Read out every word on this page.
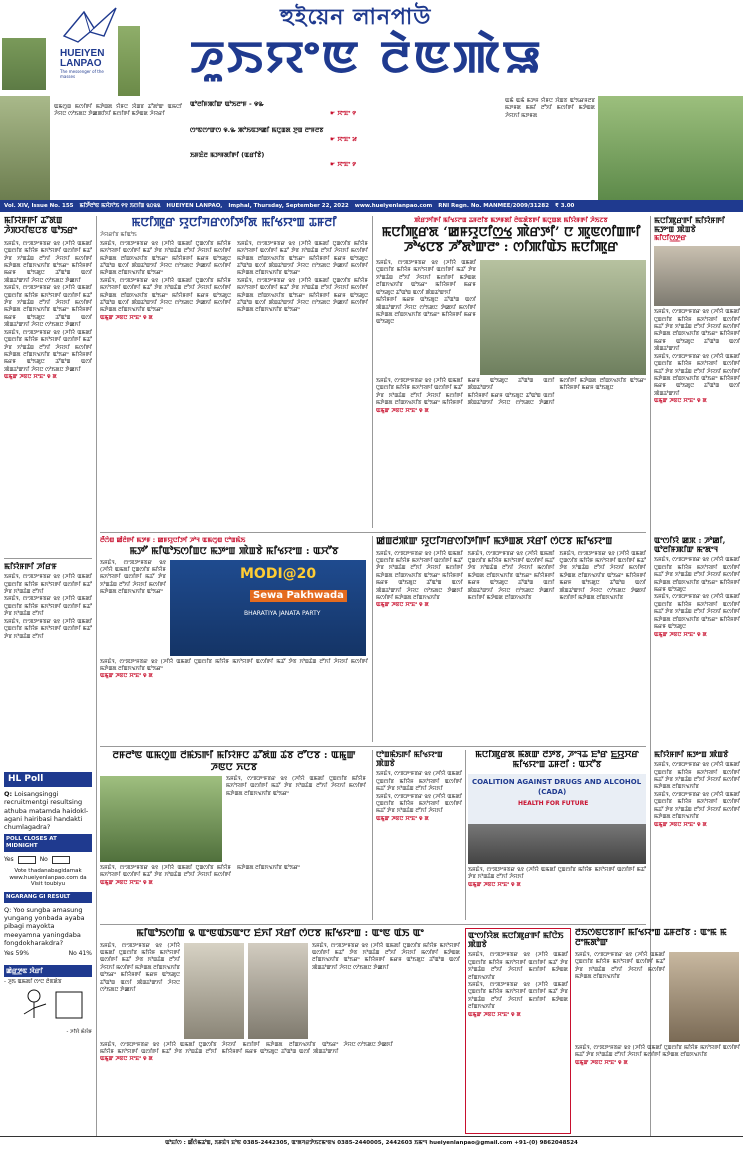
HUEIYEN
LANPAO
The messenger of the masses
হুইয়েন লানপাউ
ꯍꯨꯏꯌꯦꯟ ꯂꯥꯟꯄꯥꯎ
ꯑꯃꯁꯨꯡ ꯃꯁꯤꯒꯤ ꯃꯇꯥꯡꯗ ꯌꯥꯝꯅ ꯋꯥꯡꯕ ꯊꯧꯗꯣꯛ ꯑꯃꯅꯤ ꯍꯥꯌꯅ ꯁꯣꯏꯗꯅ ꯇꯥꯀꯄꯤꯈꯤ ꯃꯁꯤꯒꯤ ꯃꯇꯥꯡꯗ ꯍꯥꯌꯔꯤ
ꯑꯣꯂꯤꯝꯄꯤꯛ ꯑꯣꯏꯂꯦꯝ - ꯶꯳
☛ ꯆꯦꯐꯦ ꯵
ꯁꯦꯟꯁꯦꯛꯁ ꯶.꯳ ꯄꯣꯏꯟꯇꯀꯤ ꯃꯅꯨꯡꯗ ꯇꯨꯡ ꯂꯦꯝꯂꯕ
☛ ꯆꯦꯐꯦ ꯷
ꯏꯝꯐꯥꯂ ꯃꯇꯝꯗꯤꯒꯤ (ꯑꯔꯤꯕꯥ)
☛ ꯆꯦꯐꯦ ꯸
ꯑꯃꯥ ꯑꯃꯥ ꯃꯇꯝ ꯌꯥꯝꯅ ꯋꯥꯡꯕ ꯑꯣꯏꯔꯝꯂꯕ ꯃꯇꯝꯗ ꯃꯃꯤ ꯂꯧꯈꯤ ꯃꯁꯤꯒꯤ ꯃꯇꯥꯡꯗ ꯍꯥꯌꯈꯤ ꯃꯇꯝꯗ
Vol. XIV, Issue No. 155 ꯃꯤꯇꯩꯂꯣꯟ ꯃꯆꯥꯈꯣꯏ ꯵꯱ ꯏꯁꯤꯡ ꯲꯰꯲꯲ HUEIYEN LANPAO, Imphal, Thursday, September 22, 2022 www.hueiyenlanpao.com RNI Regn. No. MANMEE/2009/31282 ₹ 3.00
ꯃꯤꯌꯥꯝꯒꯤ ꯊꯧꯗꯥꯡ ꯍꯥꯞꯆꯤꯟꯅꯕ ꯑꯣꯏꯔꯦ
ꯏꯝꯐꯥꯜ, ꯁꯦꯞꯇꯦꯝꯕꯔ ꯲꯱ (ꯍꯤꯌꯥ ꯑꯃꯗꯤ ꯅꯨꯡꯁꯤꯕ ꯃꯤꯌꯥꯝ ꯃꯈꯣꯌꯒꯤ ꯑꯁꯤꯒꯤ ꯃꯊꯧ ꯇꯥꯕ ꯈꯣꯡꯊꯥꯡ ꯂꯧꯈꯤ ꯍꯥꯌꯈꯤ ꯃꯁꯤꯒꯤ ꯃꯇꯥꯡꯗ ꯂꯤꯡꯈꯠꯈꯤꯕ ꯑꯣꯏꯔꯦ ꯃꯤꯌꯥꯝꯒꯤ ꯃꯔꯝ ꯑꯣꯏꯗꯨꯅ ꯊꯧꯑꯣꯡ ꯑꯁꯤ ꯄꯥꯡꯊꯣꯛꯈꯤ ꯍꯥꯌꯅ ꯁꯣꯏꯗꯅ ꯇꯥꯀꯈꯤ
ꯏꯝꯐꯥꯜ, ꯁꯦꯞꯇꯦꯝꯕꯔ ꯲꯱ (ꯍꯤꯌꯥ ꯑꯃꯗꯤ ꯅꯨꯡꯁꯤꯕ ꯃꯤꯌꯥꯝ ꯃꯈꯣꯌꯒꯤ ꯑꯁꯤꯒꯤ ꯃꯊꯧ ꯇꯥꯕ ꯈꯣꯡꯊꯥꯡ ꯂꯧꯈꯤ ꯍꯥꯌꯈꯤ ꯃꯁꯤꯒꯤ ꯃꯇꯥꯡꯗ ꯂꯤꯡꯈꯠꯈꯤꯕ ꯑꯣꯏꯔꯦ ꯃꯤꯌꯥꯝꯒꯤ ꯃꯔꯝ ꯑꯣꯏꯗꯨꯅ ꯊꯧꯑꯣꯡ ꯑꯁꯤ ꯄꯥꯡꯊꯣꯛꯈꯤ ꯍꯥꯌꯅ ꯁꯣꯏꯗꯅ ꯇꯥꯀꯈꯤ
ꯏꯝꯐꯥꯜ, ꯁꯦꯞꯇꯦꯝꯕꯔ ꯲꯱ (ꯍꯤꯌꯥ ꯑꯃꯗꯤ ꯅꯨꯡꯁꯤꯕ ꯃꯤꯌꯥꯝ ꯃꯈꯣꯌꯒꯤ ꯑꯁꯤꯒꯤ ꯃꯊꯧ ꯇꯥꯕ ꯈꯣꯡꯊꯥꯡ ꯂꯧꯈꯤ ꯍꯥꯌꯈꯤ ꯃꯁꯤꯒꯤ ꯃꯇꯥꯡꯗ ꯂꯤꯡꯈꯠꯈꯤꯕ ꯑꯣꯏꯔꯦ ꯃꯤꯌꯥꯝꯒꯤ ꯃꯔꯝ ꯑꯣꯏꯗꯨꯅ ꯊꯧꯑꯣꯡ ꯑꯁꯤ ꯄꯥꯡꯊꯣꯛꯈꯤ ꯍꯥꯌꯅ ꯁꯣꯏꯗꯅ ꯇꯥꯀꯈꯤ
ꯑꯃꯨꯛ ꯍꯟꯅ ꯆꯦꯐꯦ ꯶ ꯗ
ꯃꯤꯌꯥꯝꯒꯤ ꯍꯤꯔꯝ
ꯏꯝꯐꯥꯜ, ꯁꯦꯞꯇꯦꯝꯕꯔ ꯲꯱ (ꯍꯤꯌꯥ ꯑꯃꯗꯤ ꯅꯨꯡꯁꯤꯕ ꯃꯤꯌꯥꯝ ꯃꯈꯣꯌꯒꯤ ꯑꯁꯤꯒꯤ ꯃꯊꯧ ꯇꯥꯕ ꯈꯣꯡꯊꯥꯡ ꯂꯧꯈꯤ
ꯏꯝꯐꯥꯜ, ꯁꯦꯞꯇꯦꯝꯕꯔ ꯲꯱ (ꯍꯤꯌꯥ ꯑꯃꯗꯤ ꯅꯨꯡꯁꯤꯕ ꯃꯤꯌꯥꯝ ꯃꯈꯣꯌꯒꯤ ꯑꯁꯤꯒꯤ ꯃꯊꯧ ꯇꯥꯕ ꯈꯣꯡꯊꯥꯡ ꯂꯧꯈꯤ
ꯏꯝꯐꯥꯜ, ꯁꯦꯞꯇꯦꯝꯕꯔ ꯲꯱ (ꯍꯤꯌꯥ ꯑꯃꯗꯤ ꯅꯨꯡꯁꯤꯕ ꯃꯤꯌꯥꯝ ꯃꯈꯣꯌꯒꯤ ꯑꯁꯤꯒꯤ ꯃꯊꯧ ꯇꯥꯕ ꯈꯣꯡꯊꯥꯡ ꯂꯧꯈꯤ
HL Poll
Q: Loisangsinggi recruitmentgi resultsing athuba matamda haidoklagani hairibasi handakti chumlagadra?
POLL CLOSES AT MIDNIGHT
Yes	No
Vote thadanabagidamak www.hueiyenlanpao.com da Visit toubiyu
NGARANG GI RESULT
Q: Yoo sungba amasung yungang yonbada ayaba pibagi mayokta meeyamna yaningdaba fongdokharakdra?
Yes 59%	No 41%
ꯀꯥꯔ꯭ꯇꯨꯟ ꯋꯥꯔꯤ
- ꯍꯨꯏ ꯑꯃꯗꯤ ꯁꯦꯅ ꯂꯥꯟꯗꯥꯕ
- ꯍꯤꯌꯥ ꯃꯥꯌꯥꯝ
ꯃꯅꯤꯄꯨꯔ ꯌꯨꯅꯤꯚꯔꯁꯤꯇꯤꯗ ꯃꯤꯠꯌꯦꯡ ꯊꯝꯂꯤ
ꯍꯥꯌꯔꯤꯕ ꯃꯤꯑꯣꯏ
ꯏꯝꯐꯥꯜ, ꯁꯦꯞꯇꯦꯝꯕꯔ ꯲꯱ (ꯍꯤꯌꯥ ꯑꯃꯗꯤ ꯅꯨꯡꯁꯤꯕ ꯃꯤꯌꯥꯝ ꯃꯈꯣꯌꯒꯤ ꯑꯁꯤꯒꯤ ꯃꯊꯧ ꯇꯥꯕ ꯈꯣꯡꯊꯥꯡ ꯂꯧꯈꯤ ꯍꯥꯌꯈꯤ ꯃꯁꯤꯒꯤ ꯃꯇꯥꯡꯗ ꯂꯤꯡꯈꯠꯈꯤꯕ ꯑꯣꯏꯔꯦ ꯃꯤꯌꯥꯝꯒꯤ ꯃꯔꯝ ꯑꯣꯏꯗꯨꯅ ꯊꯧꯑꯣꯡ ꯑꯁꯤ ꯄꯥꯡꯊꯣꯛꯈꯤ ꯍꯥꯌꯅ ꯁꯣꯏꯗꯅ ꯇꯥꯀꯈꯤ ꯃꯁꯤꯒꯤ ꯃꯇꯥꯡꯗ ꯂꯤꯡꯈꯠꯈꯤꯕ ꯑꯣꯏꯔꯦ
ꯏꯝꯐꯥꯜ, ꯁꯦꯞꯇꯦꯝꯕꯔ ꯲꯱ (ꯍꯤꯌꯥ ꯑꯃꯗꯤ ꯅꯨꯡꯁꯤꯕ ꯃꯤꯌꯥꯝ ꯃꯈꯣꯌꯒꯤ ꯑꯁꯤꯒꯤ ꯃꯊꯧ ꯇꯥꯕ ꯈꯣꯡꯊꯥꯡ ꯂꯧꯈꯤ ꯍꯥꯌꯈꯤ ꯃꯁꯤꯒꯤ ꯃꯇꯥꯡꯗ ꯂꯤꯡꯈꯠꯈꯤꯕ ꯑꯣꯏꯔꯦ ꯃꯤꯌꯥꯝꯒꯤ ꯃꯔꯝ ꯑꯣꯏꯗꯨꯅ ꯊꯧꯑꯣꯡ ꯑꯁꯤ ꯄꯥꯡꯊꯣꯛꯈꯤ ꯍꯥꯌꯅ ꯁꯣꯏꯗꯅ ꯇꯥꯀꯈꯤ ꯃꯁꯤꯒꯤ ꯃꯇꯥꯡꯗ ꯂꯤꯡꯈꯠꯈꯤꯕ ꯑꯣꯏꯔꯦ
ꯏꯝꯐꯥꯜ, ꯁꯦꯞꯇꯦꯝꯕꯔ ꯲꯱ (ꯍꯤꯌꯥ ꯑꯃꯗꯤ ꯅꯨꯡꯁꯤꯕ ꯃꯤꯌꯥꯝ ꯃꯈꯣꯌꯒꯤ ꯑꯁꯤꯒꯤ ꯃꯊꯧ ꯇꯥꯕ ꯈꯣꯡꯊꯥꯡ ꯂꯧꯈꯤ ꯍꯥꯌꯈꯤ ꯃꯁꯤꯒꯤ ꯃꯇꯥꯡꯗ ꯂꯤꯡꯈꯠꯈꯤꯕ ꯑꯣꯏꯔꯦ ꯃꯤꯌꯥꯝꯒꯤ ꯃꯔꯝ ꯑꯣꯏꯗꯨꯅ ꯊꯧꯑꯣꯡ ꯑꯁꯤ ꯄꯥꯡꯊꯣꯛꯈꯤ ꯍꯥꯌꯅ ꯁꯣꯏꯗꯅ ꯇꯥꯀꯈꯤ ꯃꯁꯤꯒꯤ ꯃꯇꯥꯡꯗ ꯂꯤꯡꯈꯠꯈꯤꯕ ꯑꯣꯏꯔꯦ
ꯏꯝꯐꯥꯜ, ꯁꯦꯞꯇꯦꯝꯕꯔ ꯲꯱ (ꯍꯤꯌꯥ ꯑꯃꯗꯤ ꯅꯨꯡꯁꯤꯕ ꯃꯤꯌꯥꯝ ꯃꯈꯣꯌꯒꯤ ꯑꯁꯤꯒꯤ ꯃꯊꯧ ꯇꯥꯕ ꯈꯣꯡꯊꯥꯡ ꯂꯧꯈꯤ ꯍꯥꯌꯈꯤ ꯃꯁꯤꯒꯤ ꯃꯇꯥꯡꯗ ꯂꯤꯡꯈꯠꯈꯤꯕ ꯑꯣꯏꯔꯦ ꯃꯤꯌꯥꯝꯒꯤ ꯃꯔꯝ ꯑꯣꯏꯗꯨꯅ ꯊꯧꯑꯣꯡ ꯑꯁꯤ ꯄꯥꯡꯊꯣꯛꯈꯤ ꯍꯥꯌꯅ ꯁꯣꯏꯗꯅ ꯇꯥꯀꯈꯤ ꯃꯁꯤꯒꯤ ꯃꯇꯥꯡꯗ ꯂꯤꯡꯈꯠꯈꯤꯕ ꯑꯣꯏꯔꯦ
ꯑꯃꯨꯛ ꯍꯟꯅ ꯆꯦꯐꯦ ꯶ ꯗ
ꯄꯥꯔꯇꯤꯒꯤ ꯃꯤꯠꯌꯦꯡ ꯊꯝꯂꯤꯕ ꯃꯇꯝꯗꯤ ꯂꯥꯟꯗꯥꯕꯒꯤ ꯃꯅꯨꯡꯗ ꯃꯤꯌꯥꯝꯒꯤ ꯍꯥꯏꯖꯕ
ꯃꯅꯤꯄꯨꯔꯗ ‘ꯀꯝꯌꯨꯅꯤꯁ꯭ꯠ ꯄꯥꯔꯇꯤ’ ꯅ ꯄꯨꯟꯁꯤꯡꯒꯤ ꯍꯣꯠꯅꯕ ꯍꯧꯗꯣꯛꯂꯦ : ꯁꯤꯄꯤꯑꯥꯏ ꯃꯅꯤꯄꯨꯔ
ꯏꯝꯐꯥꯜ, ꯁꯦꯞꯇꯦꯝꯕꯔ ꯲꯱ (ꯍꯤꯌꯥ ꯑꯃꯗꯤ ꯅꯨꯡꯁꯤꯕ ꯃꯤꯌꯥꯝ ꯃꯈꯣꯌꯒꯤ ꯑꯁꯤꯒꯤ ꯃꯊꯧ ꯇꯥꯕ ꯈꯣꯡꯊꯥꯡ ꯂꯧꯈꯤ ꯍꯥꯌꯈꯤ ꯃꯁꯤꯒꯤ ꯃꯇꯥꯡꯗ ꯂꯤꯡꯈꯠꯈꯤꯕ ꯑꯣꯏꯔꯦ ꯃꯤꯌꯥꯝꯒꯤ ꯃꯔꯝ ꯑꯣꯏꯗꯨꯅ ꯊꯧꯑꯣꯡ ꯑꯁꯤ ꯄꯥꯡꯊꯣꯛꯈꯤ
ꯃꯤꯌꯥꯝꯒꯤ ꯃꯔꯝ ꯑꯣꯏꯗꯨꯅ ꯊꯧꯑꯣꯡ ꯑꯁꯤ ꯄꯥꯡꯊꯣꯛꯈꯤ ꯍꯥꯌꯅ ꯁꯣꯏꯗꯅ ꯇꯥꯀꯈꯤ ꯃꯁꯤꯒꯤ ꯃꯇꯥꯡꯗ ꯂꯤꯡꯈꯠꯈꯤꯕ ꯑꯣꯏꯔꯦ ꯃꯤꯌꯥꯝꯒꯤ ꯃꯔꯝ ꯑꯣꯏꯗꯨꯅ
ꯏꯝꯐꯥꯜ, ꯁꯦꯞꯇꯦꯝꯕꯔ ꯲꯱ (ꯍꯤꯌꯥ ꯑꯃꯗꯤ ꯅꯨꯡꯁꯤꯕ ꯃꯤꯌꯥꯝ ꯃꯈꯣꯌꯒꯤ ꯑꯁꯤꯒꯤ ꯃꯊꯧ ꯇꯥꯕ ꯈꯣꯡꯊꯥꯡ ꯂꯧꯈꯤ ꯍꯥꯌꯈꯤ ꯃꯁꯤꯒꯤ ꯃꯇꯥꯡꯗ ꯂꯤꯡꯈꯠꯈꯤꯕ ꯑꯣꯏꯔꯦ ꯃꯤꯌꯥꯝꯒꯤ ꯃꯔꯝ ꯑꯣꯏꯗꯨꯅ ꯊꯧꯑꯣꯡ ꯑꯁꯤ ꯄꯥꯡꯊꯣꯛꯈꯤ
ꯃꯤꯌꯥꯝꯒꯤ ꯃꯔꯝ ꯑꯣꯏꯗꯨꯅ ꯊꯧꯑꯣꯡ ꯑꯁꯤ ꯄꯥꯡꯊꯣꯛꯈꯤ ꯍꯥꯌꯅ ꯁꯣꯏꯗꯅ ꯇꯥꯀꯈꯤ ꯃꯁꯤꯒꯤ ꯃꯇꯥꯡꯗ ꯂꯤꯡꯈꯠꯈꯤꯕ ꯑꯣꯏꯔꯦ ꯃꯤꯌꯥꯝꯒꯤ ꯃꯔꯝ ꯑꯣꯏꯗꯨꯅ
ꯑꯃꯨꯛ ꯍꯟꯅ ꯆꯦꯐꯦ ꯶ ꯗ
ꯃꯅꯤꯄꯨꯔꯒꯤ ꯃꯤꯌꯥꯝꯒꯤ ꯃꯇꯦꯡ ꯄꯥꯡꯕꯥ
ꯃꯤꯅꯤꯁ꯭ꯇꯔ
ꯏꯝꯐꯥꯜ, ꯁꯦꯞꯇꯦꯝꯕꯔ ꯲꯱ (ꯍꯤꯌꯥ ꯑꯃꯗꯤ ꯅꯨꯡꯁꯤꯕ ꯃꯤꯌꯥꯝ ꯃꯈꯣꯌꯒꯤ ꯑꯁꯤꯒꯤ ꯃꯊꯧ ꯇꯥꯕ ꯈꯣꯡꯊꯥꯡ ꯂꯧꯈꯤ ꯍꯥꯌꯈꯤ ꯃꯁꯤꯒꯤ ꯃꯇꯥꯡꯗ ꯂꯤꯡꯈꯠꯈꯤꯕ ꯑꯣꯏꯔꯦ ꯃꯤꯌꯥꯝꯒꯤ ꯃꯔꯝ ꯑꯣꯏꯗꯨꯅ ꯊꯧꯑꯣꯡ ꯑꯁꯤ ꯄꯥꯡꯊꯣꯛꯈꯤ
ꯏꯝꯐꯥꯜ, ꯁꯦꯞꯇꯦꯝꯕꯔ ꯲꯱ (ꯍꯤꯌꯥ ꯑꯃꯗꯤ ꯅꯨꯡꯁꯤꯕ ꯃꯤꯌꯥꯝ ꯃꯈꯣꯌꯒꯤ ꯑꯁꯤꯒꯤ ꯃꯊꯧ ꯇꯥꯕ ꯈꯣꯡꯊꯥꯡ ꯂꯧꯈꯤ ꯍꯥꯌꯈꯤ ꯃꯁꯤꯒꯤ ꯃꯇꯥꯡꯗ ꯂꯤꯡꯈꯠꯈꯤꯕ ꯑꯣꯏꯔꯦ ꯃꯤꯌꯥꯝꯒꯤ ꯃꯔꯝ ꯑꯣꯏꯗꯨꯅ ꯊꯧꯑꯣꯡ ꯑꯁꯤ ꯄꯥꯡꯊꯣꯛꯈꯤ
ꯑꯃꯨꯛ ꯍꯟꯅ ꯆꯦꯐꯦ ꯶ ꯗ
ꯂꯩꯁꯥꯡ ꯀꯪꯂꯥꯒꯤ ꯃꯇꯝ : ꯀꯝꯌꯨꯅꯤꯇꯤ ꯍꯣꯜ ꯑꯃꯁꯨꯡ ꯅꯣꯡꯃꯥꯏ
ꯃꯇꯧ ꯃꯤꯑꯣꯏꯁꯤꯡꯅ ꯃꯇꯦꯡ ꯄꯥꯡꯕꯥ ꯃꯤꯠꯌꯦꯡ : ꯑꯆꯧꯕ
ꯏꯝꯐꯥꯜ, ꯁꯦꯞꯇꯦꯝꯕꯔ ꯲꯱ (ꯍꯤꯌꯥ ꯑꯃꯗꯤ ꯅꯨꯡꯁꯤꯕ ꯃꯤꯌꯥꯝ ꯃꯈꯣꯌꯒꯤ ꯑꯁꯤꯒꯤ ꯃꯊꯧ ꯇꯥꯕ ꯈꯣꯡꯊꯥꯡ ꯂꯧꯈꯤ ꯍꯥꯌꯈꯤ ꯃꯁꯤꯒꯤ ꯃꯇꯥꯡꯗ ꯂꯤꯡꯈꯠꯈꯤꯕ ꯑꯣꯏꯔꯦ
MODI@20
Sewa Pakhwada
BHARATIYA JANATA PARTY
ꯏꯝꯐꯥꯜ, ꯁꯦꯞꯇꯦꯝꯕꯔ ꯲꯱ (ꯍꯤꯌꯥ ꯑꯃꯗꯤ ꯅꯨꯡꯁꯤꯕ ꯃꯤꯌꯥꯝ ꯃꯈꯣꯌꯒꯤ ꯑꯁꯤꯒꯤ ꯃꯊꯧ ꯇꯥꯕ ꯈꯣꯡꯊꯥꯡ ꯂꯧꯈꯤ ꯍꯥꯌꯈꯤ ꯃꯁꯤꯒꯤ ꯃꯇꯥꯡꯗ ꯂꯤꯡꯈꯠꯈꯤꯕ ꯑꯣꯏꯔꯦ
ꯑꯃꯨꯛ ꯍꯟꯅ ꯆꯦꯐꯦ ꯶ ꯗ
ꯀꯥꯡꯂꯩꯄꯥꯛ ꯌꯨꯅꯤꯚꯔꯁꯤꯇꯤꯒꯤ ꯃꯇꯥꯡꯗ ꯋꯥꯔꯤ ꯁꯥꯅꯕ ꯃꯤꯠꯌꯦꯡ
ꯏꯝꯐꯥꯜ, ꯁꯦꯞꯇꯦꯝꯕꯔ ꯲꯱ (ꯍꯤꯌꯥ ꯑꯃꯗꯤ ꯅꯨꯡꯁꯤꯕ ꯃꯤꯌꯥꯝ ꯃꯈꯣꯌꯒꯤ ꯑꯁꯤꯒꯤ ꯃꯊꯧ ꯇꯥꯕ ꯈꯣꯡꯊꯥꯡ ꯂꯧꯈꯤ ꯍꯥꯌꯈꯤ ꯃꯁꯤꯒꯤ ꯃꯇꯥꯡꯗ ꯂꯤꯡꯈꯠꯈꯤꯕ ꯑꯣꯏꯔꯦ ꯃꯤꯌꯥꯝꯒꯤ ꯃꯔꯝ ꯑꯣꯏꯗꯨꯅ ꯊꯧꯑꯣꯡ ꯑꯁꯤ ꯄꯥꯡꯊꯣꯛꯈꯤ ꯍꯥꯌꯅ ꯁꯣꯏꯗꯅ ꯇꯥꯀꯈꯤ ꯃꯁꯤꯒꯤ ꯃꯇꯥꯡꯗ ꯂꯤꯡꯈꯠꯈꯤꯕ
ꯏꯝꯐꯥꯜ, ꯁꯦꯞꯇꯦꯝꯕꯔ ꯲꯱ (ꯍꯤꯌꯥ ꯑꯃꯗꯤ ꯅꯨꯡꯁꯤꯕ ꯃꯤꯌꯥꯝ ꯃꯈꯣꯌꯒꯤ ꯑꯁꯤꯒꯤ ꯃꯊꯧ ꯇꯥꯕ ꯈꯣꯡꯊꯥꯡ ꯂꯧꯈꯤ ꯍꯥꯌꯈꯤ ꯃꯁꯤꯒꯤ ꯃꯇꯥꯡꯗ ꯂꯤꯡꯈꯠꯈꯤꯕ ꯑꯣꯏꯔꯦ ꯃꯤꯌꯥꯝꯒꯤ ꯃꯔꯝ ꯑꯣꯏꯗꯨꯅ ꯊꯧꯑꯣꯡ ꯑꯁꯤ ꯄꯥꯡꯊꯣꯛꯈꯤ ꯍꯥꯌꯅ ꯁꯣꯏꯗꯅ ꯇꯥꯀꯈꯤ ꯃꯁꯤꯒꯤ ꯃꯇꯥꯡꯗ ꯂꯤꯡꯈꯠꯈꯤꯕ
ꯏꯝꯐꯥꯜ, ꯁꯦꯞꯇꯦꯝꯕꯔ ꯲꯱ (ꯍꯤꯌꯥ ꯑꯃꯗꯤ ꯅꯨꯡꯁꯤꯕ ꯃꯤꯌꯥꯝ ꯃꯈꯣꯌꯒꯤ ꯑꯁꯤꯒꯤ ꯃꯊꯧ ꯇꯥꯕ ꯈꯣꯡꯊꯥꯡ ꯂꯧꯈꯤ ꯍꯥꯌꯈꯤ ꯃꯁꯤꯒꯤ ꯃꯇꯥꯡꯗ ꯂꯤꯡꯈꯠꯈꯤꯕ ꯑꯣꯏꯔꯦ ꯃꯤꯌꯥꯝꯒꯤ ꯃꯔꯝ ꯑꯣꯏꯗꯨꯅ ꯊꯧꯑꯣꯡ ꯑꯁꯤ ꯄꯥꯡꯊꯣꯛꯈꯤ ꯍꯥꯌꯅ ꯁꯣꯏꯗꯅ ꯇꯥꯀꯈꯤ ꯃꯁꯤꯒꯤ ꯃꯇꯥꯡꯗ ꯂꯤꯡꯈꯠꯈꯤꯕ
ꯑꯃꯨꯛ ꯍꯟꯅ ꯆꯦꯐꯦ ꯶ ꯗ
ꯑꯦꯁꯤꯌꯥ ꯀꯞ : ꯍꯣꯀꯤ, ꯑꯣꯂꯤꯝꯄꯤꯛ ꯃꯦꯗꯦꯜ
ꯏꯝꯐꯥꯜ, ꯁꯦꯞꯇꯦꯝꯕꯔ ꯲꯱ (ꯍꯤꯌꯥ ꯑꯃꯗꯤ ꯅꯨꯡꯁꯤꯕ ꯃꯤꯌꯥꯝ ꯃꯈꯣꯌꯒꯤ ꯑꯁꯤꯒꯤ ꯃꯊꯧ ꯇꯥꯕ ꯈꯣꯡꯊꯥꯡ ꯂꯧꯈꯤ ꯍꯥꯌꯈꯤ ꯃꯁꯤꯒꯤ ꯃꯇꯥꯡꯗ ꯂꯤꯡꯈꯠꯈꯤꯕ ꯑꯣꯏꯔꯦ ꯃꯤꯌꯥꯝꯒꯤ ꯃꯔꯝ ꯑꯣꯏꯗꯨꯅ
ꯏꯝꯐꯥꯜ, ꯁꯦꯞꯇꯦꯝꯕꯔ ꯲꯱ (ꯍꯤꯌꯥ ꯑꯃꯗꯤ ꯅꯨꯡꯁꯤꯕ ꯃꯤꯌꯥꯝ ꯃꯈꯣꯌꯒꯤ ꯑꯁꯤꯒꯤ ꯃꯊꯧ ꯇꯥꯕ ꯈꯣꯡꯊꯥꯡ ꯂꯧꯈꯤ ꯍꯥꯌꯈꯤ ꯃꯁꯤꯒꯤ ꯃꯇꯥꯡꯗ ꯂꯤꯡꯈꯠꯈꯤꯕ ꯑꯣꯏꯔꯦ ꯃꯤꯌꯥꯝꯒꯤ ꯃꯔꯝ ꯑꯣꯏꯗꯨꯅ
ꯑꯃꯨꯛ ꯍꯟꯅ ꯆꯦꯐꯦ ꯶ ꯗ
ꯂꯝꯂꯣꯟ ꯑꯃꯁꯨꯡ ꯂꯩꯃꯥꯏꯒꯤ ꯃꯤꯌꯥꯝꯅ ꯊꯧꯗꯥꯡ ꯊꯥꯕ ꯂꯧꯅꯕ : ꯑꯃꯨꯛ ꯍꯟꯅ ꯈꯅꯕ
ꯏꯝꯐꯥꯜ, ꯁꯦꯞꯇꯦꯝꯕꯔ ꯲꯱ (ꯍꯤꯌꯥ ꯑꯃꯗꯤ ꯅꯨꯡꯁꯤꯕ ꯃꯤꯌꯥꯝ ꯃꯈꯣꯌꯒꯤ ꯑꯁꯤꯒꯤ ꯃꯊꯧ ꯇꯥꯕ ꯈꯣꯡꯊꯥꯡ ꯂꯧꯈꯤ ꯍꯥꯌꯈꯤ ꯃꯁꯤꯒꯤ ꯃꯇꯥꯡꯗ ꯂꯤꯡꯈꯠꯈꯤꯕ ꯑꯣꯏꯔꯦ
ꯏꯝꯐꯥꯜ, ꯁꯦꯞꯇꯦꯝꯕꯔ ꯲꯱ (ꯍꯤꯌꯥ ꯑꯃꯗꯤ ꯅꯨꯡꯁꯤꯕ ꯃꯤꯌꯥꯝ ꯃꯈꯣꯌꯒꯤ ꯑꯁꯤꯒꯤ ꯃꯊꯧ ꯇꯥꯕ ꯈꯣꯡꯊꯥꯡ ꯂꯧꯈꯤ ꯍꯥꯌꯈꯤ ꯃꯁꯤꯒꯤ ꯃꯇꯥꯡꯗ ꯂꯤꯡꯈꯠꯈꯤꯕ ꯑꯣꯏꯔꯦ
ꯑꯃꯨꯛ ꯍꯟꯅ ꯆꯦꯐꯦ ꯶ ꯗ
ꯅꯣꯡꯃꯥꯏꯒꯤ ꯃꯤꯠꯌꯦꯡ ꯄꯥꯡꯕꯥ
ꯏꯝꯐꯥꯜ, ꯁꯦꯞꯇꯦꯝꯕꯔ ꯲꯱ (ꯍꯤꯌꯥ ꯑꯃꯗꯤ ꯅꯨꯡꯁꯤꯕ ꯃꯤꯌꯥꯝ ꯃꯈꯣꯌꯒꯤ ꯑꯁꯤꯒꯤ ꯃꯊꯧ ꯇꯥꯕ ꯈꯣꯡꯊꯥꯡ ꯂꯧꯈꯤ ꯍꯥꯌꯈꯤ
ꯏꯝꯐꯥꯜ, ꯁꯦꯞꯇꯦꯝꯕꯔ ꯲꯱ (ꯍꯤꯌꯥ ꯑꯃꯗꯤ ꯅꯨꯡꯁꯤꯕ ꯃꯤꯌꯥꯝ ꯃꯈꯣꯌꯒꯤ ꯑꯁꯤꯒꯤ ꯃꯊꯧ ꯇꯥꯕ ꯈꯣꯡꯊꯥꯡ ꯂꯧꯈꯤ ꯍꯥꯌꯈꯤ
ꯑꯃꯨꯛ ꯍꯟꯅ ꯆꯦꯐꯦ ꯶ ꯗ
ꯃꯅꯤꯄꯨꯔꯗ ꯃꯥꯗꯛ ꯂꯩꯇꯕ, ꯍꯦꯜꯊ ꯐꯣꯔ ꯐ꯭ꯌꯨꯆꯔ ꯃꯤꯠꯌꯦꯡ ꯊꯝꯂꯤ : ꯑꯆꯧꯕ
COALITION AGAINST DRUGS AND ALCOHOL
(CADA)
HEALTH FOR FUTURE
ꯏꯝꯐꯥꯜ, ꯁꯦꯞꯇꯦꯝꯕꯔ ꯲꯱ (ꯍꯤꯌꯥ ꯑꯃꯗꯤ ꯅꯨꯡꯁꯤꯕ ꯃꯤꯌꯥꯝ ꯃꯈꯣꯌꯒꯤ ꯑꯁꯤꯒꯤ ꯃꯊꯧ ꯇꯥꯕ ꯈꯣꯡꯊꯥꯡ ꯂꯧꯈꯤ ꯍꯥꯌꯈꯤ
ꯑꯃꯨꯛ ꯍꯟꯅ ꯆꯦꯐꯦ ꯶ ꯗ
ꯃꯤꯌꯥꯝꯒꯤ ꯃꯇꯦꯡ ꯄꯥꯡꯕꯥ
ꯏꯝꯐꯥꯜ, ꯁꯦꯞꯇꯦꯝꯕꯔ ꯲꯱ (ꯍꯤꯌꯥ ꯑꯃꯗꯤ ꯅꯨꯡꯁꯤꯕ ꯃꯤꯌꯥꯝ ꯃꯈꯣꯌꯒꯤ ꯑꯁꯤꯒꯤ ꯃꯊꯧ ꯇꯥꯕ ꯈꯣꯡꯊꯥꯡ ꯂꯧꯈꯤ ꯍꯥꯌꯈꯤ ꯃꯁꯤꯒꯤ ꯃꯇꯥꯡꯗ ꯂꯤꯡꯈꯠꯈꯤꯕ
ꯏꯝꯐꯥꯜ, ꯁꯦꯞꯇꯦꯝꯕꯔ ꯲꯱ (ꯍꯤꯌꯥ ꯑꯃꯗꯤ ꯅꯨꯡꯁꯤꯕ ꯃꯤꯌꯥꯝ ꯃꯈꯣꯌꯒꯤ ꯑꯁꯤꯒꯤ ꯃꯊꯧ ꯇꯥꯕ ꯈꯣꯡꯊꯥꯡ ꯂꯧꯈꯤ ꯍꯥꯌꯈꯤ ꯃꯁꯤꯒꯤ ꯃꯇꯥꯡꯗ ꯂꯤꯡꯈꯠꯈꯤꯕ
ꯑꯃꯨꯛ ꯍꯟꯅ ꯆꯦꯐꯦ ꯶ ꯗ
ꯃꯤꯑꯣꯏꯁꯤꯡ ꯲ ꯑꯦꯟꯑꯥꯏꯑꯦꯅ ꯐꯥꯈꯤ ꯋꯥꯔꯤ ꯁꯥꯅꯕ ꯃꯤꯠꯌꯦꯡ : ꯑꯦꯟ ꯑꯥꯏ ꯑꯦ
ꯏꯝꯐꯥꯜ, ꯁꯦꯞꯇꯦꯝꯕꯔ ꯲꯱ (ꯍꯤꯌꯥ ꯑꯃꯗꯤ ꯅꯨꯡꯁꯤꯕ ꯃꯤꯌꯥꯝ ꯃꯈꯣꯌꯒꯤ ꯑꯁꯤꯒꯤ ꯃꯊꯧ ꯇꯥꯕ ꯈꯣꯡꯊꯥꯡ ꯂꯧꯈꯤ ꯍꯥꯌꯈꯤ ꯃꯁꯤꯒꯤ ꯃꯇꯥꯡꯗ ꯂꯤꯡꯈꯠꯈꯤꯕ ꯑꯣꯏꯔꯦ ꯃꯤꯌꯥꯝꯒꯤ ꯃꯔꯝ ꯑꯣꯏꯗꯨꯅ ꯊꯧꯑꯣꯡ ꯑꯁꯤ ꯄꯥꯡꯊꯣꯛꯈꯤ ꯍꯥꯌꯅ ꯁꯣꯏꯗꯅ ꯇꯥꯀꯈꯤ
ꯏꯝꯐꯥꯜ, ꯁꯦꯞꯇꯦꯝꯕꯔ ꯲꯱ (ꯍꯤꯌꯥ ꯑꯃꯗꯤ ꯅꯨꯡꯁꯤꯕ ꯃꯤꯌꯥꯝ ꯃꯈꯣꯌꯒꯤ ꯑꯁꯤꯒꯤ ꯃꯊꯧ ꯇꯥꯕ ꯈꯣꯡꯊꯥꯡ ꯂꯧꯈꯤ ꯍꯥꯌꯈꯤ ꯃꯁꯤꯒꯤ ꯃꯇꯥꯡꯗ ꯂꯤꯡꯈꯠꯈꯤꯕ ꯑꯣꯏꯔꯦ ꯃꯤꯌꯥꯝꯒꯤ ꯃꯔꯝ ꯑꯣꯏꯗꯨꯅ ꯊꯧꯑꯣꯡ ꯑꯁꯤ ꯄꯥꯡꯊꯣꯛꯈꯤ ꯍꯥꯌꯅ ꯁꯣꯏꯗꯅ ꯇꯥꯀꯈꯤ
ꯏꯝꯐꯥꯜ, ꯁꯦꯞꯇꯦꯝꯕꯔ ꯲꯱ (ꯍꯤꯌꯥ ꯑꯃꯗꯤ ꯅꯨꯡꯁꯤꯕ ꯃꯤꯌꯥꯝ ꯃꯈꯣꯌꯒꯤ ꯑꯁꯤꯒꯤ ꯃꯊꯧ ꯇꯥꯕ ꯈꯣꯡꯊꯥꯡ ꯂꯧꯈꯤ ꯍꯥꯌꯈꯤ ꯃꯁꯤꯒꯤ ꯃꯇꯥꯡꯗ ꯂꯤꯡꯈꯠꯈꯤꯕ ꯑꯣꯏꯔꯦ ꯃꯤꯌꯥꯝꯒꯤ ꯃꯔꯝ ꯑꯣꯏꯗꯨꯅ ꯊꯧꯑꯣꯡ ꯑꯁꯤ ꯄꯥꯡꯊꯣꯛꯈꯤ ꯍꯥꯌꯅ ꯁꯣꯏꯗꯅ ꯇꯥꯀꯈꯤ
ꯑꯃꯨꯛ ꯍꯟꯅ ꯆꯦꯐꯦ ꯶ ꯗ
ꯑꯦꯁꯤꯌꯥꯗ ꯃꯅꯤꯄꯨꯔꯒꯤ ꯃꯤꯅꯥꯏ ꯄꯥꯡꯕꯥ
ꯏꯝꯐꯥꯜ, ꯁꯦꯞꯇꯦꯝꯕꯔ ꯲꯱ (ꯍꯤꯌꯥ ꯑꯃꯗꯤ ꯅꯨꯡꯁꯤꯕ ꯃꯤꯌꯥꯝ ꯃꯈꯣꯌꯒꯤ ꯑꯁꯤꯒꯤ ꯃꯊꯧ ꯇꯥꯕ ꯈꯣꯡꯊꯥꯡ ꯂꯧꯈꯤ ꯍꯥꯌꯈꯤ ꯃꯁꯤꯒꯤ ꯃꯇꯥꯡꯗ ꯂꯤꯡꯈꯠꯈꯤꯕ
ꯏꯝꯐꯥꯜ, ꯁꯦꯞꯇꯦꯝꯕꯔ ꯲꯱ (ꯍꯤꯌꯥ ꯑꯃꯗꯤ ꯅꯨꯡꯁꯤꯕ ꯃꯤꯌꯥꯝ ꯃꯈꯣꯌꯒꯤ ꯑꯁꯤꯒꯤ ꯃꯊꯧ ꯇꯥꯕ ꯈꯣꯡꯊꯥꯡ ꯂꯧꯈꯤ ꯍꯥꯌꯈꯤ ꯃꯁꯤꯒꯤ ꯃꯇꯥꯡꯗ ꯂꯤꯡꯈꯠꯈꯤꯕ
ꯑꯃꯨꯛ ꯍꯟꯅ ꯆꯦꯐꯦ ꯶ ꯗ
ꯂꯥꯏꯁꯥꯟꯅꯕꯒꯤ ꯃꯤꯠꯌꯦꯡ ꯊꯝꯂꯤꯕ : ꯑꯦꯃꯥ ꯃꯥ ꯂꯦꯃꯗꯣꯛ
ꯏꯝꯐꯥꯜ, ꯁꯦꯞꯇꯦꯝꯕꯔ ꯲꯱ (ꯍꯤꯌꯥ ꯑꯃꯗꯤ ꯅꯨꯡꯁꯤꯕ ꯃꯤꯌꯥꯝ ꯃꯈꯣꯌꯒꯤ ꯑꯁꯤꯒꯤ ꯃꯊꯧ ꯇꯥꯕ ꯈꯣꯡꯊꯥꯡ ꯂꯧꯈꯤ ꯍꯥꯌꯈꯤ ꯃꯁꯤꯒꯤ ꯃꯇꯥꯡꯗ ꯂꯤꯡꯈꯠꯈꯤꯕ
ꯏꯝꯐꯥꯜ, ꯁꯦꯞꯇꯦꯝꯕꯔ ꯲꯱ (ꯍꯤꯌꯥ ꯑꯃꯗꯤ ꯅꯨꯡꯁꯤꯕ ꯃꯤꯌꯥꯝ ꯃꯈꯣꯌꯒꯤ ꯑꯁꯤꯒꯤ ꯃꯊꯧ ꯇꯥꯕ ꯈꯣꯡꯊꯥꯡ ꯂꯧꯈꯤ ꯍꯥꯌꯈꯤ ꯃꯁꯤꯒꯤ ꯃꯇꯥꯡꯗ ꯂꯤꯡꯈꯠꯈꯤꯕ
ꯑꯃꯨꯛ ꯍꯟꯅ ꯆꯦꯐꯦ ꯶ ꯗ
ꯑꯣꯐꯤꯁ : ꯀꯩꯁꯥꯃꯊꯣꯡ, ꯏꯝꯐꯥꯜ ꯐꯣꯟ 0385-2442305, ꯑꯦꯗꯚꯔꯇꯥꯏꯖꯃꯦꯟꯠ 0385-2440005, 2442603 ꯏꯃꯦꯜ hueiyenlanpao@gmail.com +91-(0) 9862048524
